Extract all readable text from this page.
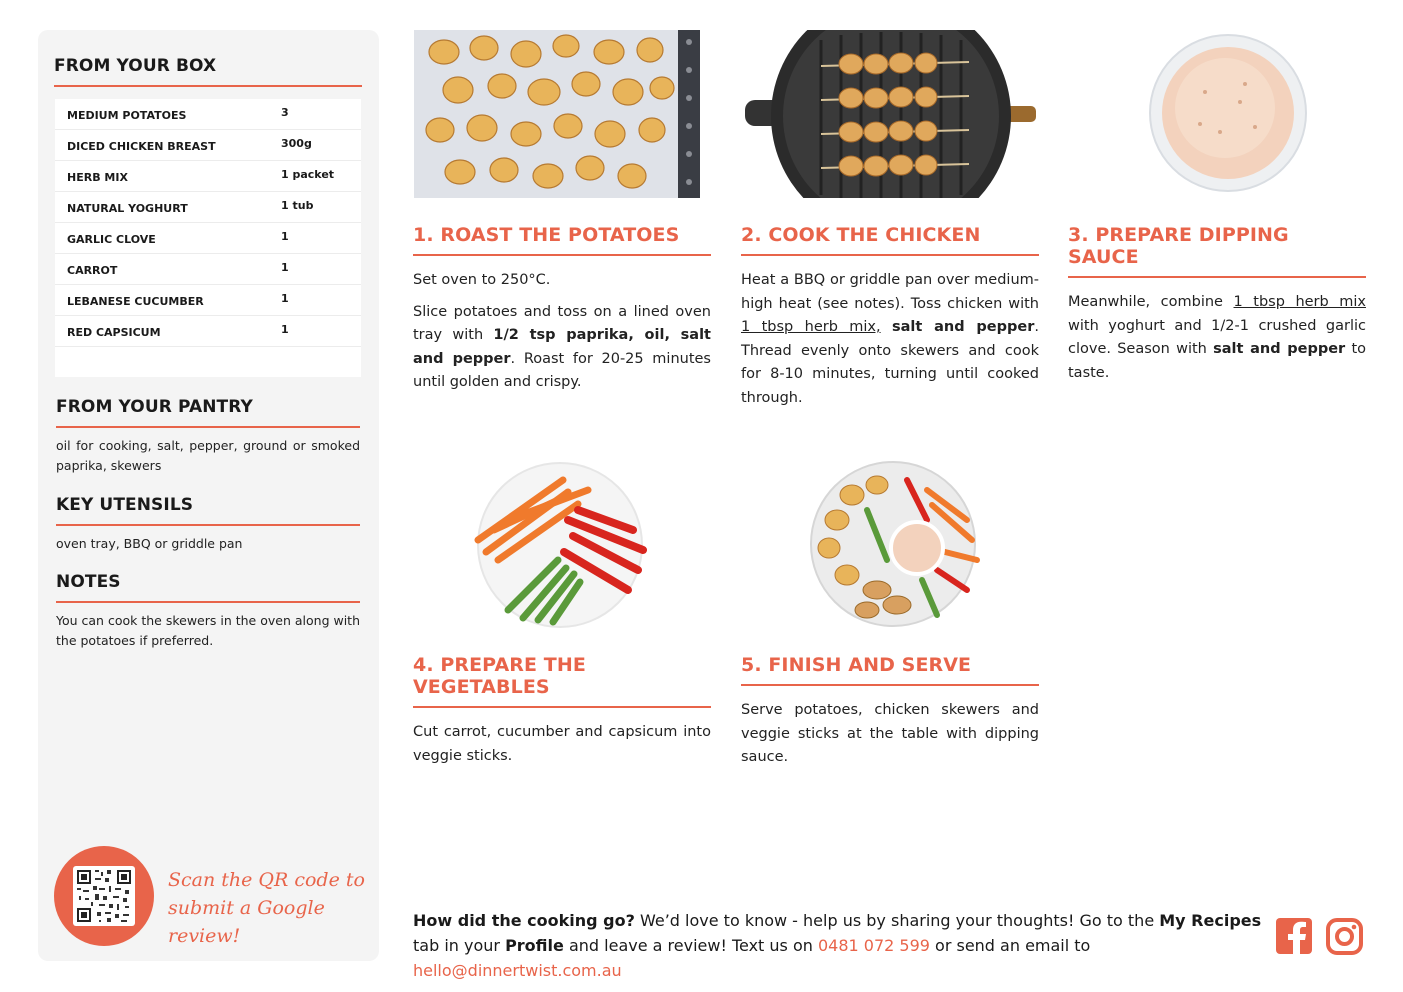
FROM YOUR BOX
MEDIUM POTATOES	3
DICED CHICKEN BREAST	300g
HERB MIX	1 packet
NATURAL YOGHURT	1 tub
GARLIC CLOVE	1
CARROT	1
LEBANESE CUCUMBER	1
RED CAPSICUM	1
FROM YOUR PANTRY

oil for cooking, salt, pepper, ground or smoked paprika, skewers

KEY UTENSILS

oven tray, BBQ or griddle pan

NOTES

You can cook the skewers in the oven along with the potatoes if preferred.

Scan the QR code to
submit a Google review!
1. ROAST THE POTATOES

Set oven to 250°C.

Slice potatoes and toss on a lined oven tray with 1/2 tsp paprika, oil, salt and pepper. Roast for 20-25 minutes until golden and crispy.

2. COOK THE CHICKEN

Heat a BBQ or griddle pan over medium-high heat (see notes). Toss chicken with 1 tbsp herb mix, salt and pepper. Thread evenly onto skewers and cook for 8-10 minutes, turning until cooked through.

3. PREPARE DIPPING SAUCE

Meanwhile, combine 1 tbsp herb mix with yoghurt and 1/2-1 crushed garlic clove. Season with salt and pepper to taste.

4. PREPARE THE VEGETABLES

Cut carrot, cucumber and capsicum into veggie sticks.

5. FINISH AND SERVE

Serve potatoes, chicken skewers and veggie sticks at the table with dipping sauce.

How did the cooking go? We’d love to know - help us by sharing your thoughts! Go to the My Recipes tab in your Profile and leave a review! Text us on 0481 072 599 or send an email to hello@dinnertwist.com.au
